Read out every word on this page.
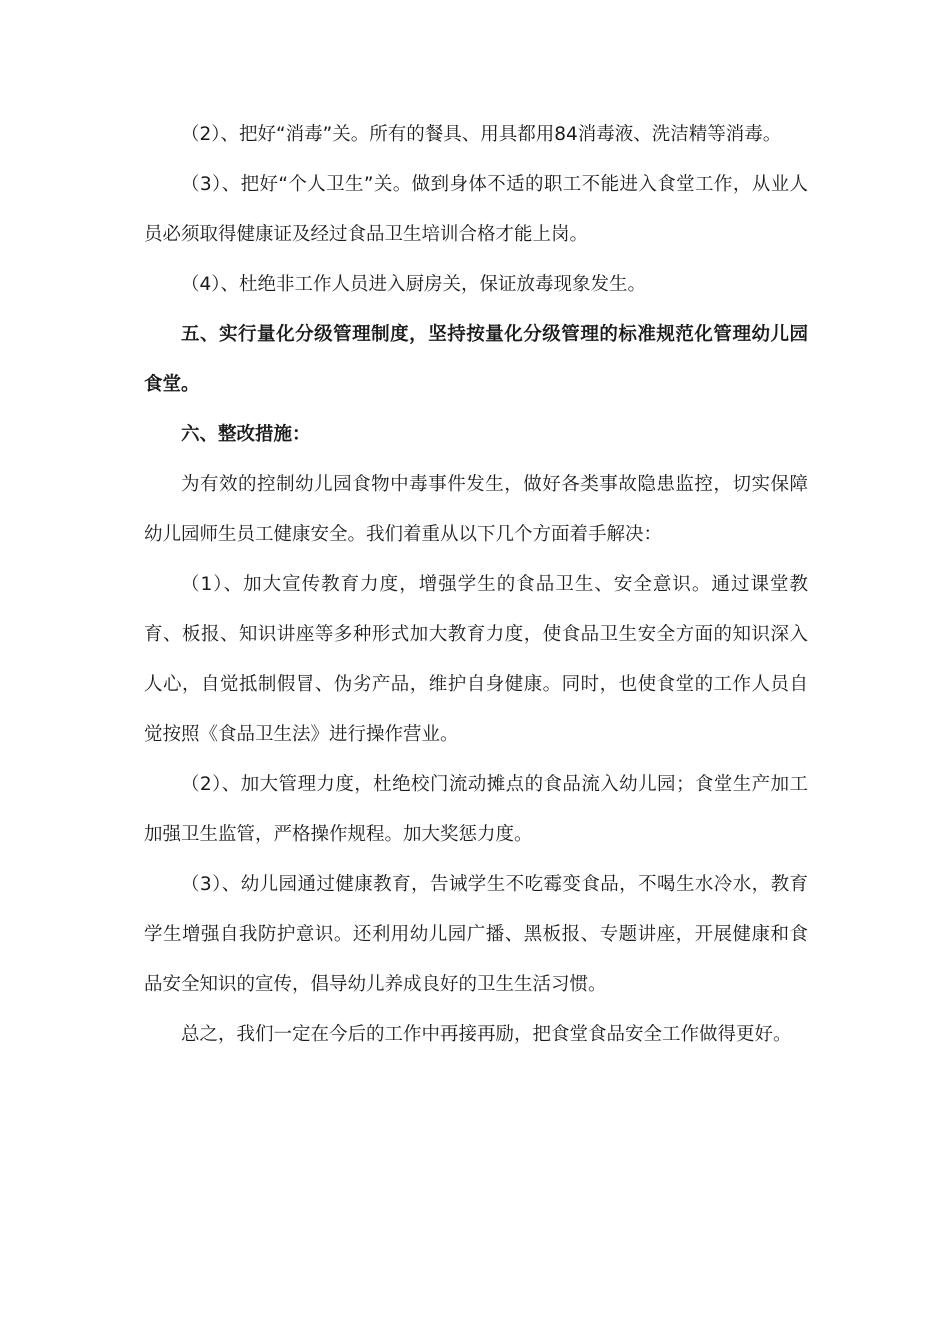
（2）、把好“消毒”关。所有的餐具、用具都用84消毒液、洗洁精等消毒。

（3）、把好“个人卫生”关。做到身体不适的职工不能进入食堂工作，从业人员必须取得健康证及经过食品卫生培训合格才能上岗。

（4）、杜绝非工作人员进入厨房关，保证放毒现象发生。

五、实行量化分级管理制度，坚持按量化分级管理的标准规范化管理幼儿园食堂。

六、整改措施：

为有效的控制幼儿园食物中毒事件发生，做好各类事故隐患监控，切实保障幼儿园师生员工健康安全。我们着重从以下几个方面着手解决：

（1）、加大宣传教育力度，增强学生的食品卫生、安全意识。通过课堂教育、板报、知识讲座等多种形式加大教育力度，使食品卫生安全方面的知识深入人心，自觉抵制假冒、伪劣产品，维护自身健康。同时，也使食堂的工作人员自觉按照《食品卫生法》进行操作营业。

（2）、加大管理力度，杜绝校门流动摊点的食品流入幼儿园；食堂生产加工加强卫生监管，严格操作规程。加大奖惩力度。

（3）、幼儿园通过健康教育，告诫学生不吃霉变食品，不喝生水冷水，教育学生增强自我防护意识。还利用幼儿园广播、黑板报、专题讲座，开展健康和食品安全知识的宣传，倡导幼儿养成良好的卫生生活习惯。

总之，我们一定在今后的工作中再接再励，把食堂食品安全工作做得更好。
